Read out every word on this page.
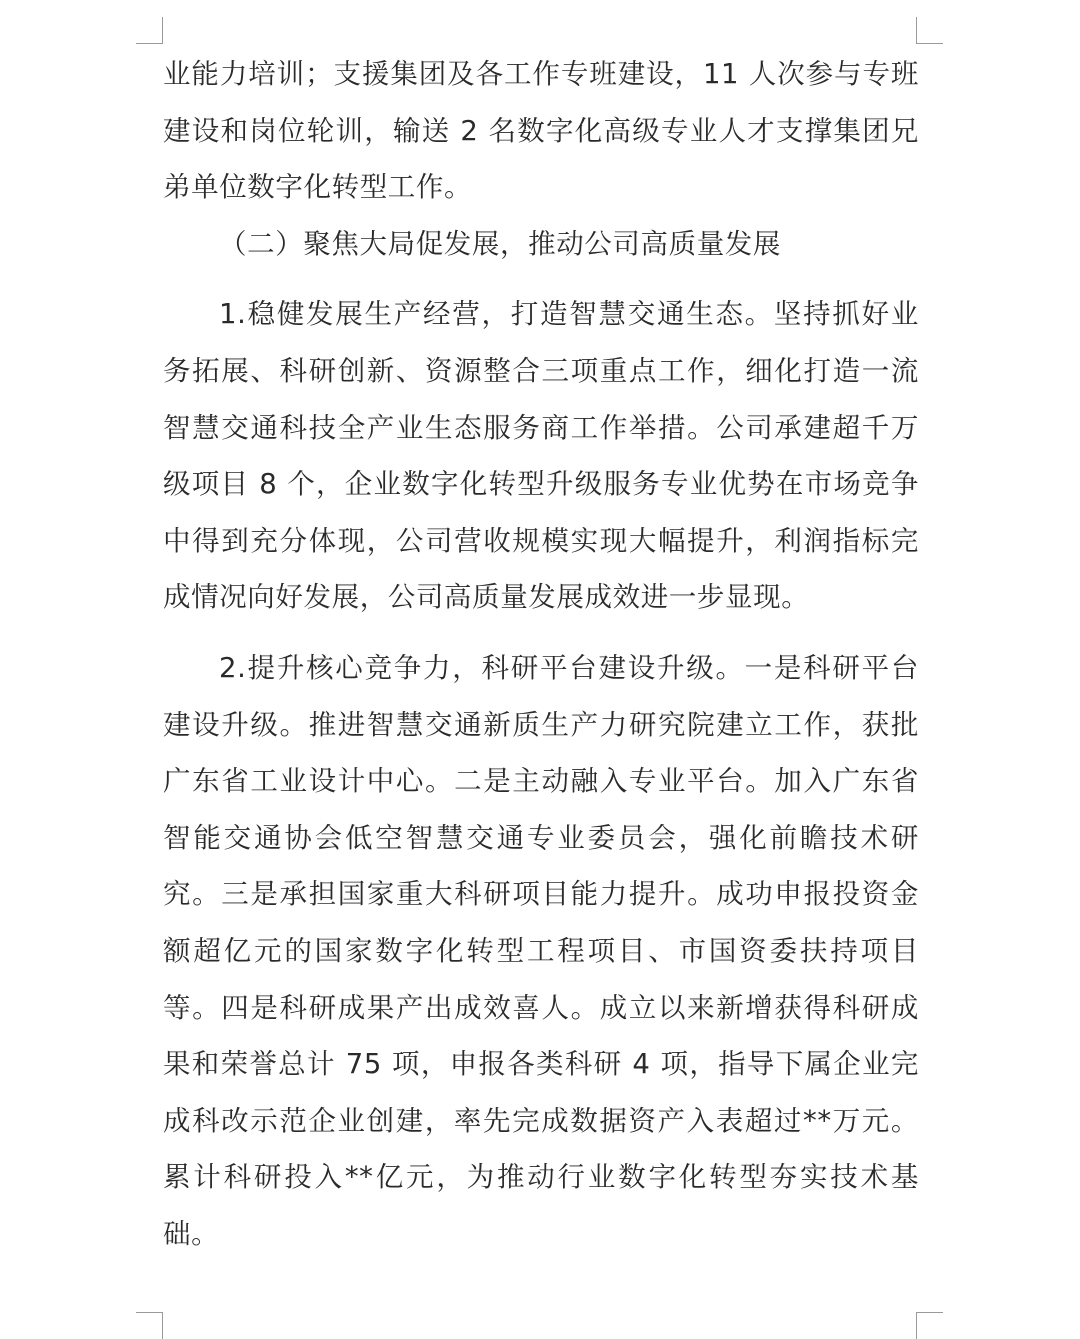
业能力培训；支援集团及各工作专班建设，11 人次参与专班建设和岗位轮训，输送 2 名数字化高级专业人才支撑集团兄弟单位数字化转型工作。

（二）聚焦大局促发展，推动公司高质量发展

1.稳健发展生产经营，打造智慧交通生态。坚持抓好业务拓展、科研创新、资源整合三项重点工作，细化打造一流智慧交通科技全产业生态服务商工作举措。公司承建超千万级项目 8 个，企业数字化转型升级服务专业优势在市场竞争中得到充分体现，公司营收规模实现大幅提升，利润指标完成情况向好发展，公司高质量发展成效进一步显现。

2.提升核心竞争力，科研平台建设升级。一是科研平台建设升级。推进智慧交通新质生产力研究院建立工作，获批广东省工业设计中心。二是主动融入专业平台。加入广东省智能交通协会低空智慧交通专业委员会，强化前瞻技术研究。三是承担国家重大科研项目能力提升。成功申报投资金额超亿元的国家数字化转型工程项目、市国资委扶持项目等。四是科研成果产出成效喜人。成立以来新增获得科研成果和荣誉总计 75 项，申报各类科研 4 项，指导下属企业完成科改示范企业创建，率先完成数据资产入表超过**万元。累计科研投入**亿元，为推动行业数字化转型夯实技术基础。
